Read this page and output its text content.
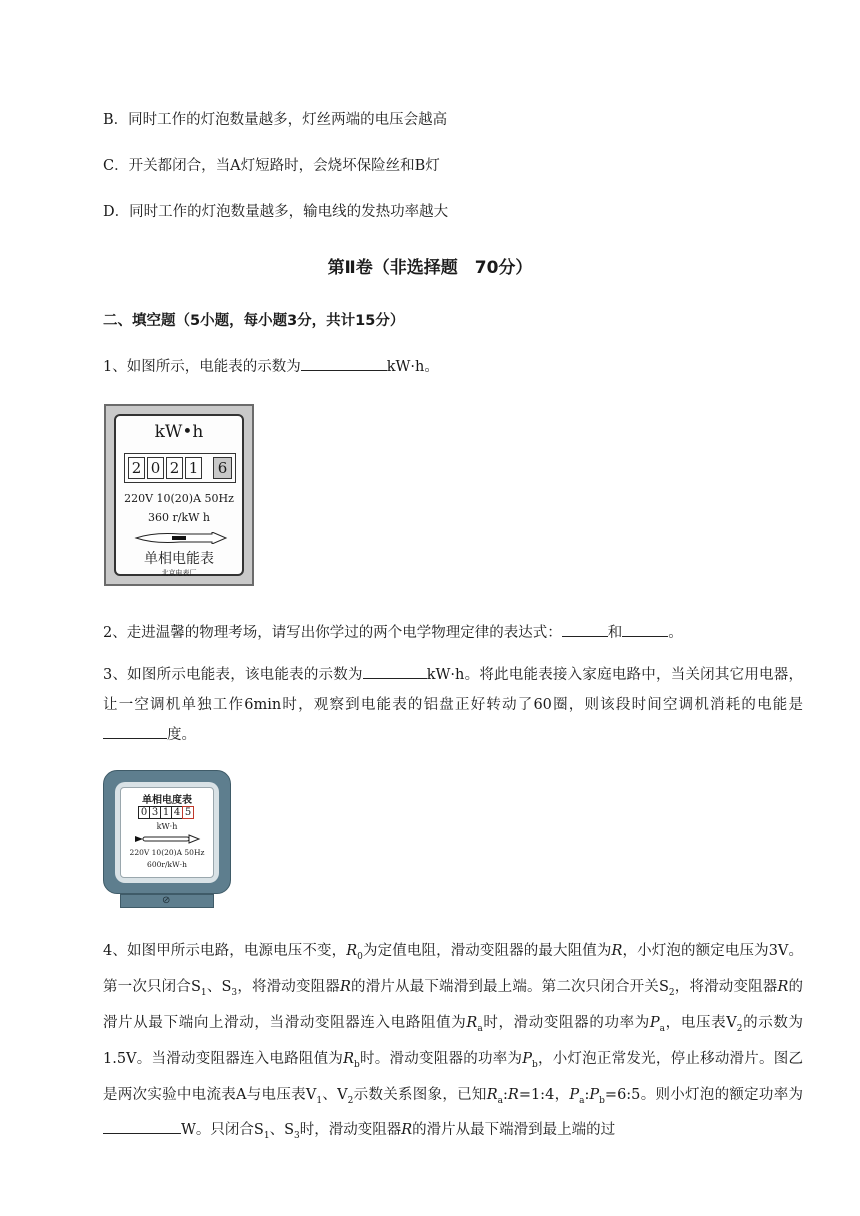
B．同时工作的灯泡数量越多，灯丝两端的电压会越高
C．开关都闭合，当A灯短路时，会烧坏保险丝和B灯
D．同时工作的灯泡数量越多，输电线的发热功率越大
第Ⅱ卷（非选择题　70分）
二、填空题（5小题，每小题3分，共计15分）
1、如图所示，电能表的示数为	kW·h。
kW•h
2 0 2 1	6
220V 10(20)A 50Hz
360 r/kW h
单相电能表
北京电表厂
2、走进温馨的物理考场，请写出你学过的两个电学物理定律的表达式：	和	。
3、如图所示电能表，该电能表的示数为	kW·h。将此电能表接入家庭电路中，当关闭其它用电器，让一空调机单独工作6min时，观察到电能表的铝盘正好转动了60圈，则该段时间空调机消耗的电能是度。
单相电度表
0 3 1 4 5
kW·h
220V 10(20)A 50Hz
600r/kW·h
⊘
4、如图甲所示电路，电源电压不变，$R_0$为定值电阻，滑动变阻器的最大阻值为R，小灯泡的额定电压为3V。第一次只闭合$S_1$、$S_3$，将滑动变阻器R的滑片从最下端滑到最上端。第二次只闭合开关$S_2$，将滑动变阻器R的滑片从最下端向上滑动，当滑动变阻器连入电路阻值为$R_a$时，滑动变阻器的功率为$P_a$，电压表$V_2$的示数为1.5V。当滑动变阻器连入电路阻值为$R_b$时。滑动变阻器的功率为$P_b$，小灯泡正常发光，停止移动滑片。图乙是两次实验中电流表A与电压表$V_1$、$V_2$示数关系图象，已知$R_a:R=1:4$，$P_a:P_b=6:5$。则小灯泡的额定功率为W。只闭合$S_1$、$S_3$时，滑动变阻器R的滑片从最下端滑到最上端的过
